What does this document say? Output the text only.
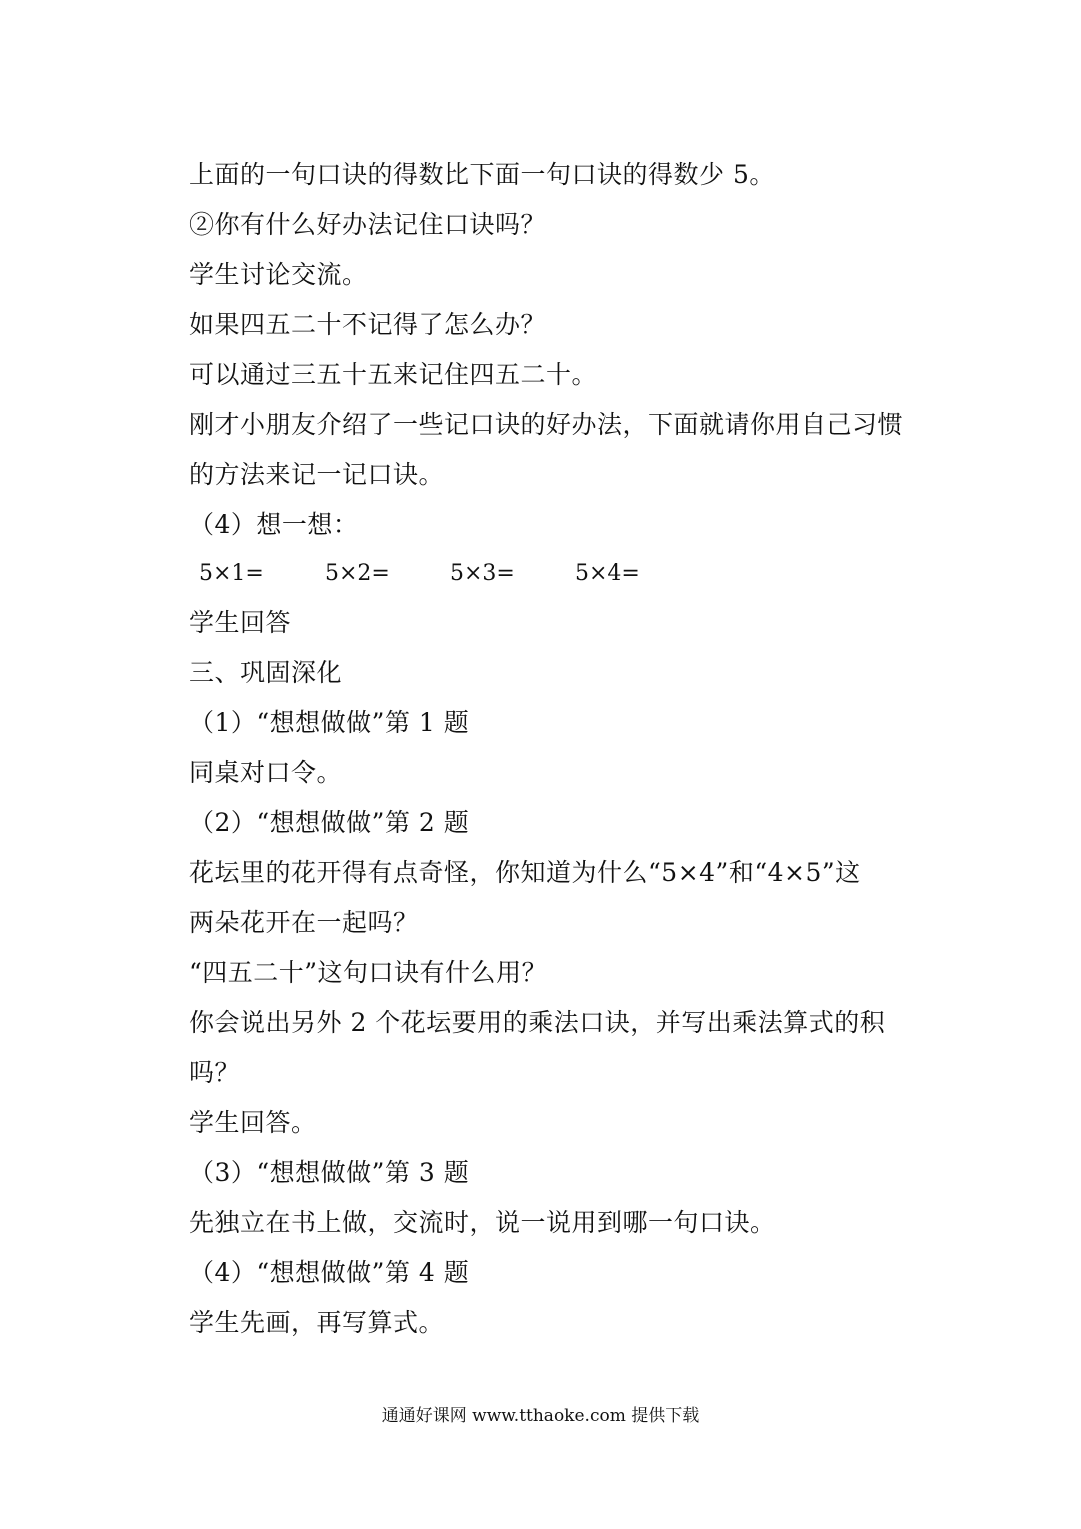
上面的一句口诀的得数比下面一句口诀的得数少 5。
②你有什么好办法记住口诀吗？
学生讨论交流。
如果四五二十不记得了怎么办？
可以通过三五十五来记住四五二十。
刚才小朋友介绍了一些记口诀的好办法，下面就请你用自己习惯
的方法来记一记口诀。
（4）想一想：
5×1=	5×2=	5×3=	5×4=
学生回答
三、巩固深化
（1）“想想做做”第 1 题
同桌对口令。
（2）“想想做做”第 2 题
花坛里的花开得有点奇怪，你知道为什么“5×4”和“4×5”这
两朵花开在一起吗？
“四五二十”这句口诀有什么用？
你会说出另外 2 个花坛要用的乘法口诀，并写出乘法算式的积
吗？
学生回答。
（3）“想想做做”第 3 题
先独立在书上做，交流时，说一说用到哪一句口诀。
（4）“想想做做”第 4 题
学生先画，再写算式。
通通好课网 www.tthaoke.com 提供下载
